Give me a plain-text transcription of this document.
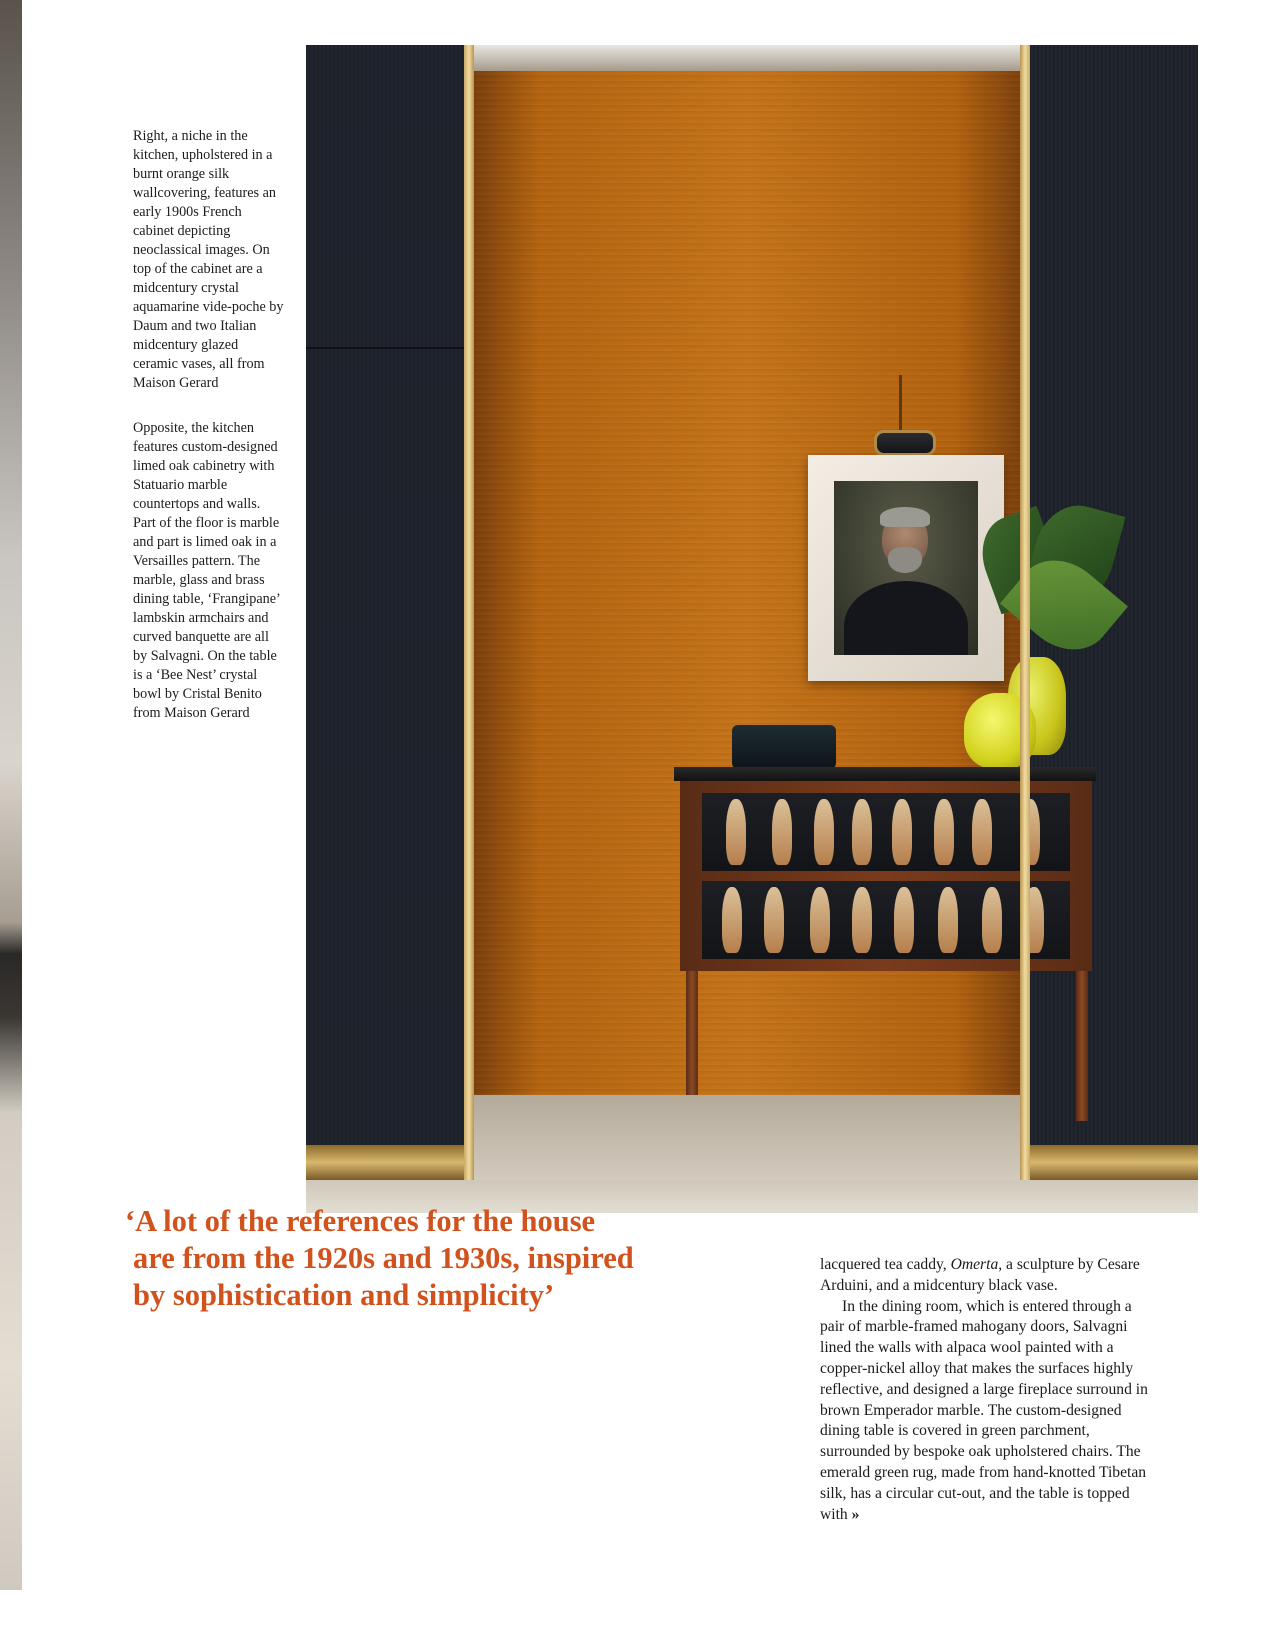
Right, a niche in the kitchen, upholstered in a burnt orange silk wallcovering, features an early 1900s French cabinet depicting neoclassical images. On top of the cabinet are a midcentury crystal aquamarine vide-poche by Daum and two Italian midcentury glazed ceramic vases, all from Maison Gerard

Opposite, the kitchen features custom-designed limed oak cabinetry with Statuario marble countertops and walls. Part of the floor is marble and part is limed oak in a Versailles pattern. The marble, glass and brass dining table, ‘Frangipane’ lambskin armchairs and curved banquette are all by Salvagni. On the table is a ‘Bee Nest’ crystal bowl by Cristal Benito from Maison Gerard

‘A lot of the references for the house
are from the 1920s and 1930s, inspired
by sophistication and simplicity’

lacquered tea caddy, Omerta, a sculpture by Cesare Arduini, and a midcentury black vase.

In the dining room, which is entered through a pair of marble-framed mahogany doors, Salvagni lined the walls with alpaca wool painted with a copper-nickel alloy that makes the surfaces highly reflective, and designed a large fireplace surround in brown Emperador marble. The custom-designed dining table is covered in green parchment, surrounded by bespoke oak upholstered chairs. The emerald green rug, made from hand-knotted Tibetan silk, has a circular cut-out, and the table is topped with »
